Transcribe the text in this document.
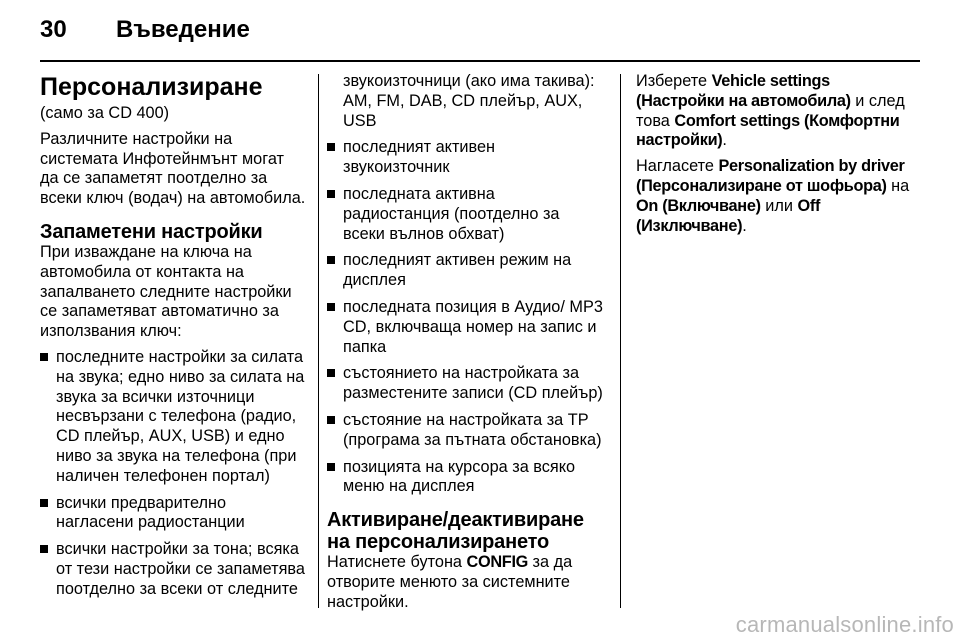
30 Въведение
Персонализиране

(само за CD 400)

Различните настройки на системата Инфотейнмънт могат да се запаметят поотделно за всеки ключ (водач) на автомобила.

Запаметени настройки

При изваждане на ключа на автомобила от контакта на запалването следните настройки се запаметяват автоматично за използвания ключ:

последните настройки за силата на звука; едно ниво за силата на звука за всички източници несвързани с телефона (радио, CD плейър, AUX, USB) и едно ниво за звука на телефона (при наличен телефонен портал)
всички предварително нагласени радиостанции
всички настройки за тона; всяка от тези настройки се запаметява поотделно за всеки от следните
звукоизточници (ако има такива): AM, FM, DAB, CD плейър, AUX, USB
последният активен звукоизточник
последната активна радиостанция (поотделно за всеки вълнов обхват)
последният активен режим на дисплея
последната позиция в Аудио/ MP3 CD, включваща номер на запис и папка
състоянието на настройката за разместените записи (CD плейър)
състояние на настройката за TP (програма за пътната обстановка)
позицията на курсора за всяко меню на дисплея
Активиране/деактивиране на персонализирането

Натиснете бутона CONFIG за да отворите менюто за системните настройки.

Изберете Vehicle settings (Настройки на автомобила) и след това Comfort settings (Комфортни настройки).

Нагласете Personalization by driver (Персонализиране от шофьора) на On (Включване) или Off (Изключване).

carmanualsonline.info
